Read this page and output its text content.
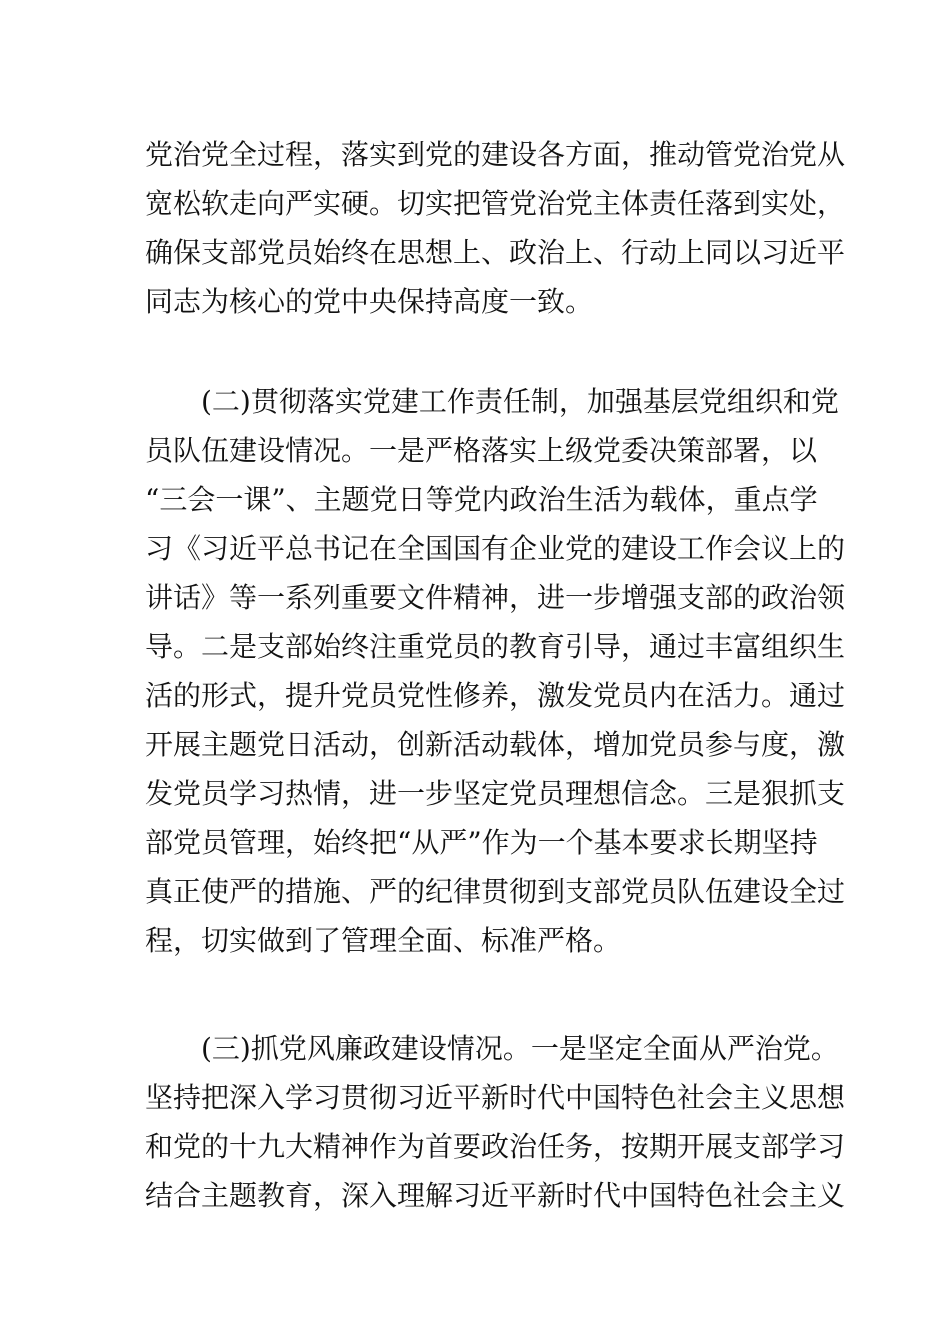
党治党全过程，落实到党的建设各方面，推动管党治党从
宽松软走向严实硬。切实把管党治党主体责任落到实处，
确保支部党员始终在思想上、政治上、行动上同以习近平
同志为核心的党中央保持高度一致。

(二)贯彻落实党建工作责任制，加强基层党组织和党
员队伍建设情况。一是严格落实上级党委决策部署，以
“三会一课”、主题党日等党内政治生活为载体，重点学
习《习近平总书记在全国国有企业党的建设工作会议上的
讲话》等一系列重要文件精神，进一步增强支部的政治领
导。二是支部始终注重党员的教育引导，通过丰富组织生
活的形式，提升党员党性修养，激发党员内在活力。通过
开展主题党日活动，创新活动载体，增加党员参与度，激
发党员学习热情，进一步坚定党员理想信念。三是狠抓支
部党员管理，始终把“从严”作为一个基本要求长期坚持
真正使严的措施、严的纪律贯彻到支部党员队伍建设全过
程，切实做到了管理全面、标准严格。

(三)抓党风廉政建设情况。一是坚定全面从严治党。
坚持把深入学习贯彻习近平新时代中国特色社会主义思想
和党的十九大精神作为首要政治任务，按期开展支部学习
结合主题教育，深入理解习近平新时代中国特色社会主义
